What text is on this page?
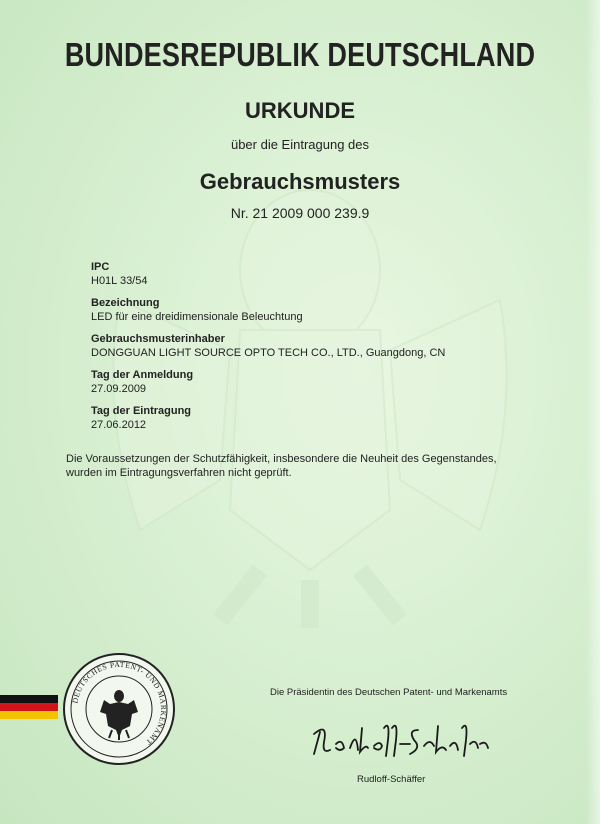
BUNDESREPUBLIK DEUTSCHLAND
URKUNDE
über die Eintragung des
Gebrauchsmusters
Nr. 21 2009 000 239.9
IPC
H01L 33/54
Bezeichnung
LED für eine dreidimensionale Beleuchtung
Gebrauchsmusterinhaber
DONGGUAN LIGHT SOURCE OPTO TECH CO., LTD., Guangdong, CN
Tag der Anmeldung
27.09.2009
Tag der Eintragung
27.06.2012
Die Voraussetzungen der Schutzfähigkeit, insbesondere die Neuheit des Gegenstandes, wurden im Eintragungsverfahren nicht geprüft.
DEUTSCHES PATENT- UND MARKENAMT
Die Präsidentin des Deutschen Patent- und Markenamts
Rudloff-Schäffer
